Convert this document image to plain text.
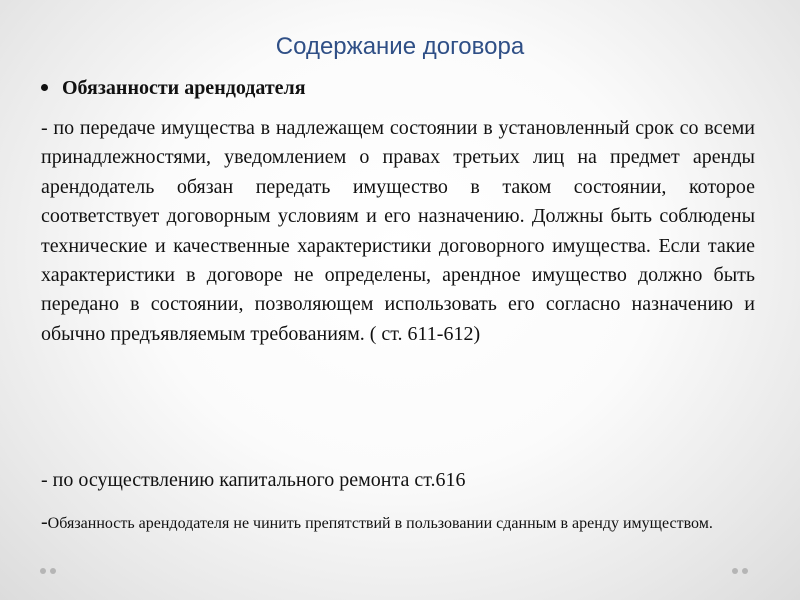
Содержание договора
Обязанности арендодателя
- по передаче имущества в надлежащем состоянии в установленный срок со всеми принадлежностями, уведомлением о правах третьих лиц на предмет аренды арендодатель обязан передать имущество в таком состоянии, которое соответствует договорным условиям и его назначению. Должны быть соблюдены технические и качественные характеристики договорного имущества. Если такие характеристики в договоре не определены, арендное имущество должно быть передано в состоянии, позволяющем использовать его согласно назначению и обычно предъявляемым требованиям. ( ст. 611-612)
- по осуществлению капитального ремонта ст.616
-Обязанность арендодателя не чинить препятствий в пользовании сданным в аренду имуществом.
